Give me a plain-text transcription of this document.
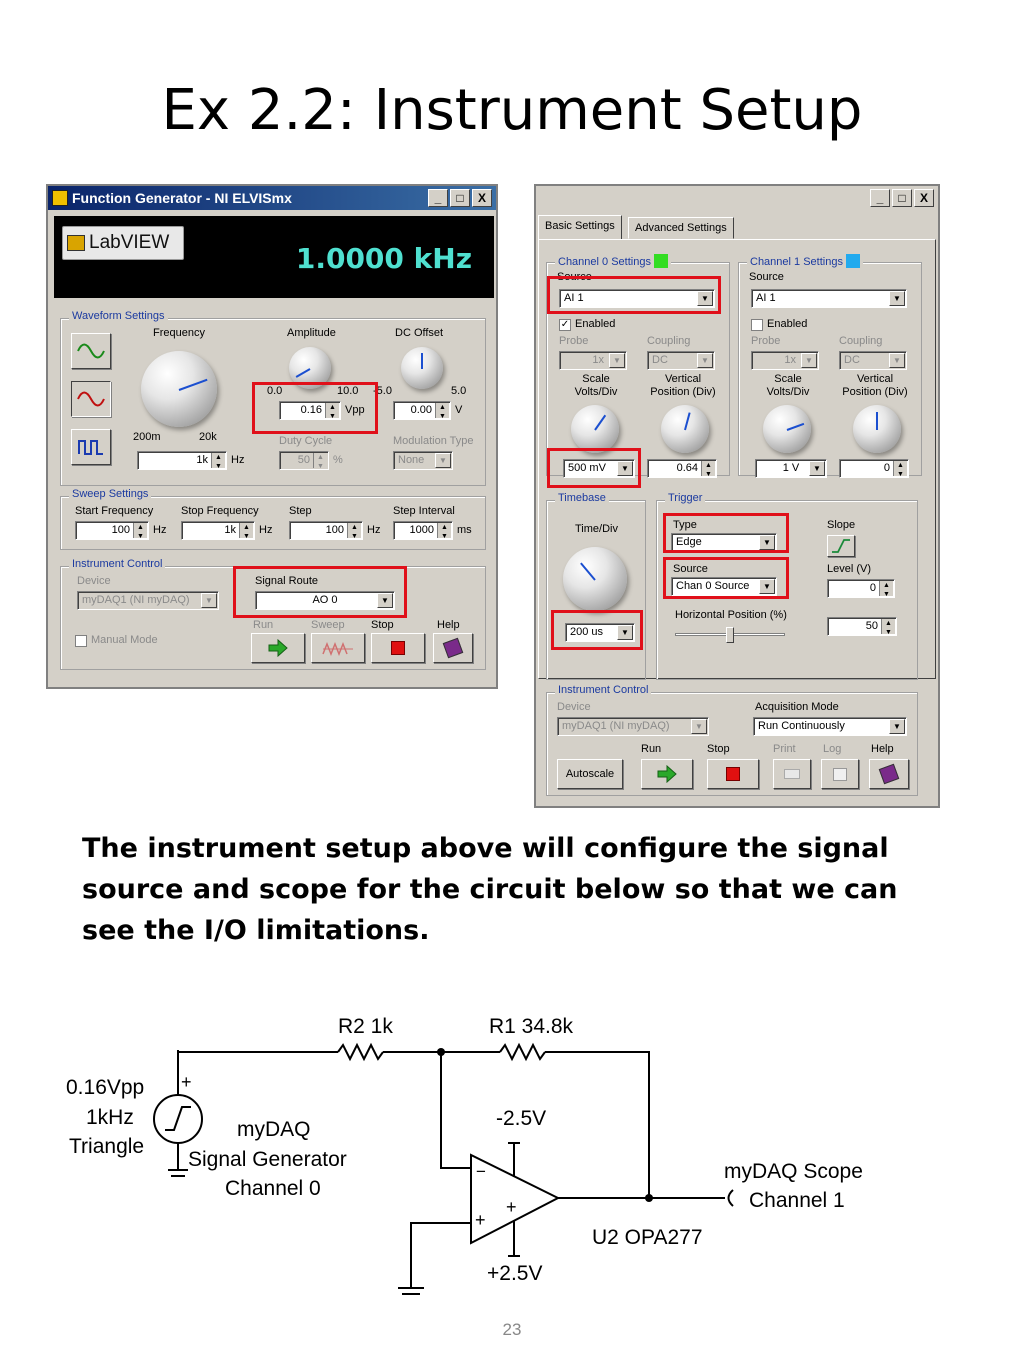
Ex 2.2: Instrument Setup
Function Generator - NI ELVISmx	_	□	X
LabVIEW	1.0000 kHz
Waveform Settings
Frequency
200m	20k
1k ▲ ▼	Hz
Amplitude
0.0	10.0
0.16 ▲ ▼	Vpp
DC Offset
-5.0	5.0
0.00 ▲ ▼	V
Duty Cycle
50 ▲ ▼	%
Modulation Type
None	▼
Sweep Settings
Start Frequency
100 ▲ ▼	Hz
Stop Frequency
1k ▲ ▼	Hz
Step
100 ▲ ▼	Hz
Step Interval
1000 ▲ ▼	ms
Instrument Control
Device
myDAQ1 (NI myDAQ)	▼
Manual Mode
Signal Route
AO 0	▼
Run	Sweep Stop	Help
_	□	X
Basic Settings	Advanced Settings
Channel 0 Settings
Source
AI 1	▼
✓ Enabled
Probe	Coupling
1x	▼	DC	▼
Scale
Volts/Div
Vertical
Position (Div)
500 mV	▼	0.64
▲ ▼
Channel 1 Settings
Source
AI 1	▼
Enabled
Probe	Coupling
1x	▼	DC	▼
Scale
Volts/Div
Vertical
Position (Div)
1 V	▼	0
▲ ▼
Timebase
Time/Div
200 us	▼
Trigger
Type
Edge	▼
Slope
Source
Chan 0 Source	▼
Level (V)
0
▲ ▼
Horizontal Position (%)
50
▲ ▼
Instrument Control
Device
myDAQ1 (NI myDAQ)	▼
Acquisition Mode
Run Continuously	▼
Run	Stop	Print Log	Help
Autoscale
The instrument setup above will configure the signal source and scope for the circuit below so that we can see the I/O limitations.
R2 1k	R1 34.8k
0.16Vpp
1kHz
Triangle
+
myDAQ
Signal Generator
Channel 0
−
+
+
-2.5V
+2.5V
myDAQ Scope
Channel 1
U2 OPA277
23
